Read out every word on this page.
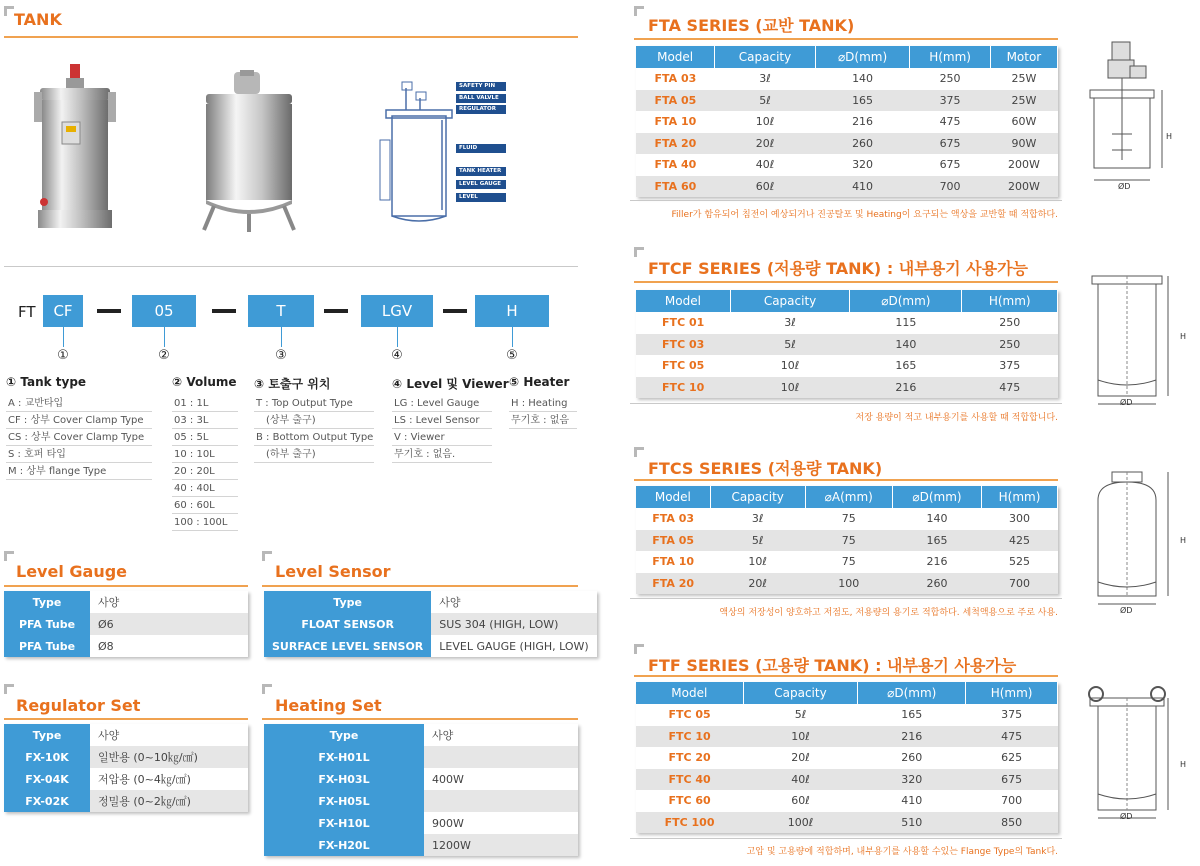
TANK
SAFETY PIN
BALL VALVLE
REGULATOR
FLUID OUTPUT
TANK HEATER
LEVEL GAUGE
LEVEL SWITCH
FT	CF	05	T	LGV	H
①	②	③	④	⑤
① Tank type
A : 교반타입
CF : 상부 Cover Clamp Type
CS : 상부 Cover Clamp Type
S : 호퍼 타입
M : 상부 flange Type
② Volume
01 : 1L
03 : 3L
05 : 5L
10 : 10L
20 : 20L
40 : 40L
60 : 60L
100 : 100L
③ 토출구 위치
T : Top Output Type
(상부 출구)
B : Bottom Output Type
(하부 출구)
④ Level 및 Viewer
LG : Level Gauge
LS : Level Sensor
V : Viewer
무기호 : 없음.
⑤ Heater
H : Heating
무기호 : 없음
Level Gauge
Type	사양
PFA Tube	Ø6
PFA Tube	Ø8
Level Sensor
Type	사양
FLOAT SENSOR	SUS 304 (HIGH, LOW)
SURFACE LEVEL SENSOR	LEVEL GAUGE (HIGH, LOW)
Regulator Set
Type	사양
FX-10K	일반용 (0~10㎏/㎠)
FX-04K	저압용 (0~4㎏/㎠)
FX-02K	정밀용 (0~2㎏/㎠)
Heating Set
Type	사양
FX-H01L	
FX-H03L	400W
FX-H05L	
FX-H10L	900W
FX-H20L	1200W
FTA SERIES (교반 TANK)
Model	Capacity	⌀D(mm)	H(mm)	Motor
FTA 03	3ℓ	140	250	25W
FTA 05	5ℓ	165	375	25W
FTA 10	10ℓ	216	475	60W
FTA 20	20ℓ	260	675	90W
FTA 40	40ℓ	320	675	200W
FTA 60	60ℓ	410	700	200W
Filler가 함유되어 침전이 예상되거나 진공탈포 및 Heating이 요구되는 액상을 교반할 때 적합하다.
H
ØD
FTCF SERIES (저용량 TANK) : 내부용기 사용가능
Model	Capacity	⌀D(mm)	H(mm)
FTC 01	3ℓ	115	250
FTC 03	5ℓ	140	250
FTC 05	10ℓ	165	375
FTC 10	10ℓ	216	475
저장 용량이 적고 내부용기를 사용할 때 적합합니다.
H
ØD
FTCS SERIES (저용량 TANK)
Model	Capacity	⌀A(mm)	⌀D(mm)	H(mm)
FTA 03	3ℓ	75	140	300
FTA 05	5ℓ	75	165	425
FTA 10	10ℓ	75	216	525
FTA 20	20ℓ	100	260	700
액상의 저장성이 양호하고 저점도, 저용량의 용기로 적합하다. 세척액용으로 주로 사용.
H
ØD
FTF SERIES (고용량 TANK) : 내부용기 사용가능
Model	Capacity	⌀D(mm)	H(mm)
FTC 05	5ℓ	165	375
FTC 10	10ℓ	216	475
FTC 20	20ℓ	260	625
FTC 40	40ℓ	320	675
FTC 60	60ℓ	410	700
FTC 100	100ℓ	510	850
고압 및 고용량에 적합하며, 내부용기를 사용할 수있는 Flange Type의 Tank다.
H
ØD
